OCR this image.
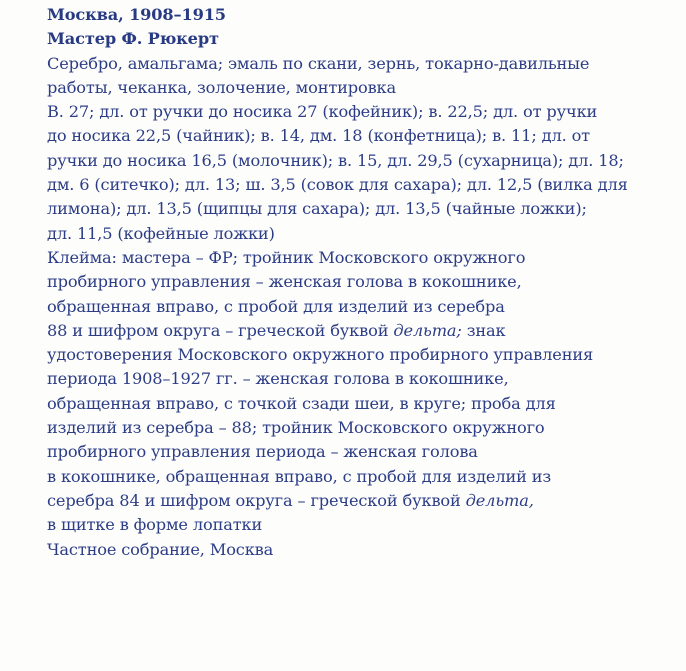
Москва, 1908–1915
Мастер Ф. Рюкерт
Серебро, амальгама; эмаль по скани, зернь, токарно-давильные
работы, чеканка, золочение, монтировка
В. 27; дл. от ручки до носика 27 (кофейник); в. 22,5; дл. от ручки
до носика 22,5 (чайник); в. 14, дм. 18 (конфетница); в. 11; дл. от
ручки до носика 16,5 (молочник); в. 15, дл. 29,5 (сухарница); дл. 18;
дм. 6 (ситечко); дл. 13; ш. 3,5 (совок для сахара); дл. 12,5 (вилка для
лимона); дл. 13,5 (щипцы для сахара); дл. 13,5 (чайные ложки);
дл. 11,5 (кофейные ложки)
Клейма: мастера – ФР; тройник Московского окружного
пробирного управления – женская голова в кокошнике,
обращенная вправо, с пробой для изделий из серебра
88 и шифром округа – греческой буквой дельта; знак
удостоверения Московского окружного пробирного управления
периода 1908–1927 гг. – женская голова в кокошнике,
обращенная вправо, с точкой сзади шеи, в круге; проба для
изделий из серебра – 88; тройник Московского окружного
пробирного управления периода – женская голова
в кокошнике, обращенная вправо, с пробой для изделий из
серебра 84 и шифром округа – греческой буквой дельта,
в щитке в форме лопатки
Частное собрание, Москва
